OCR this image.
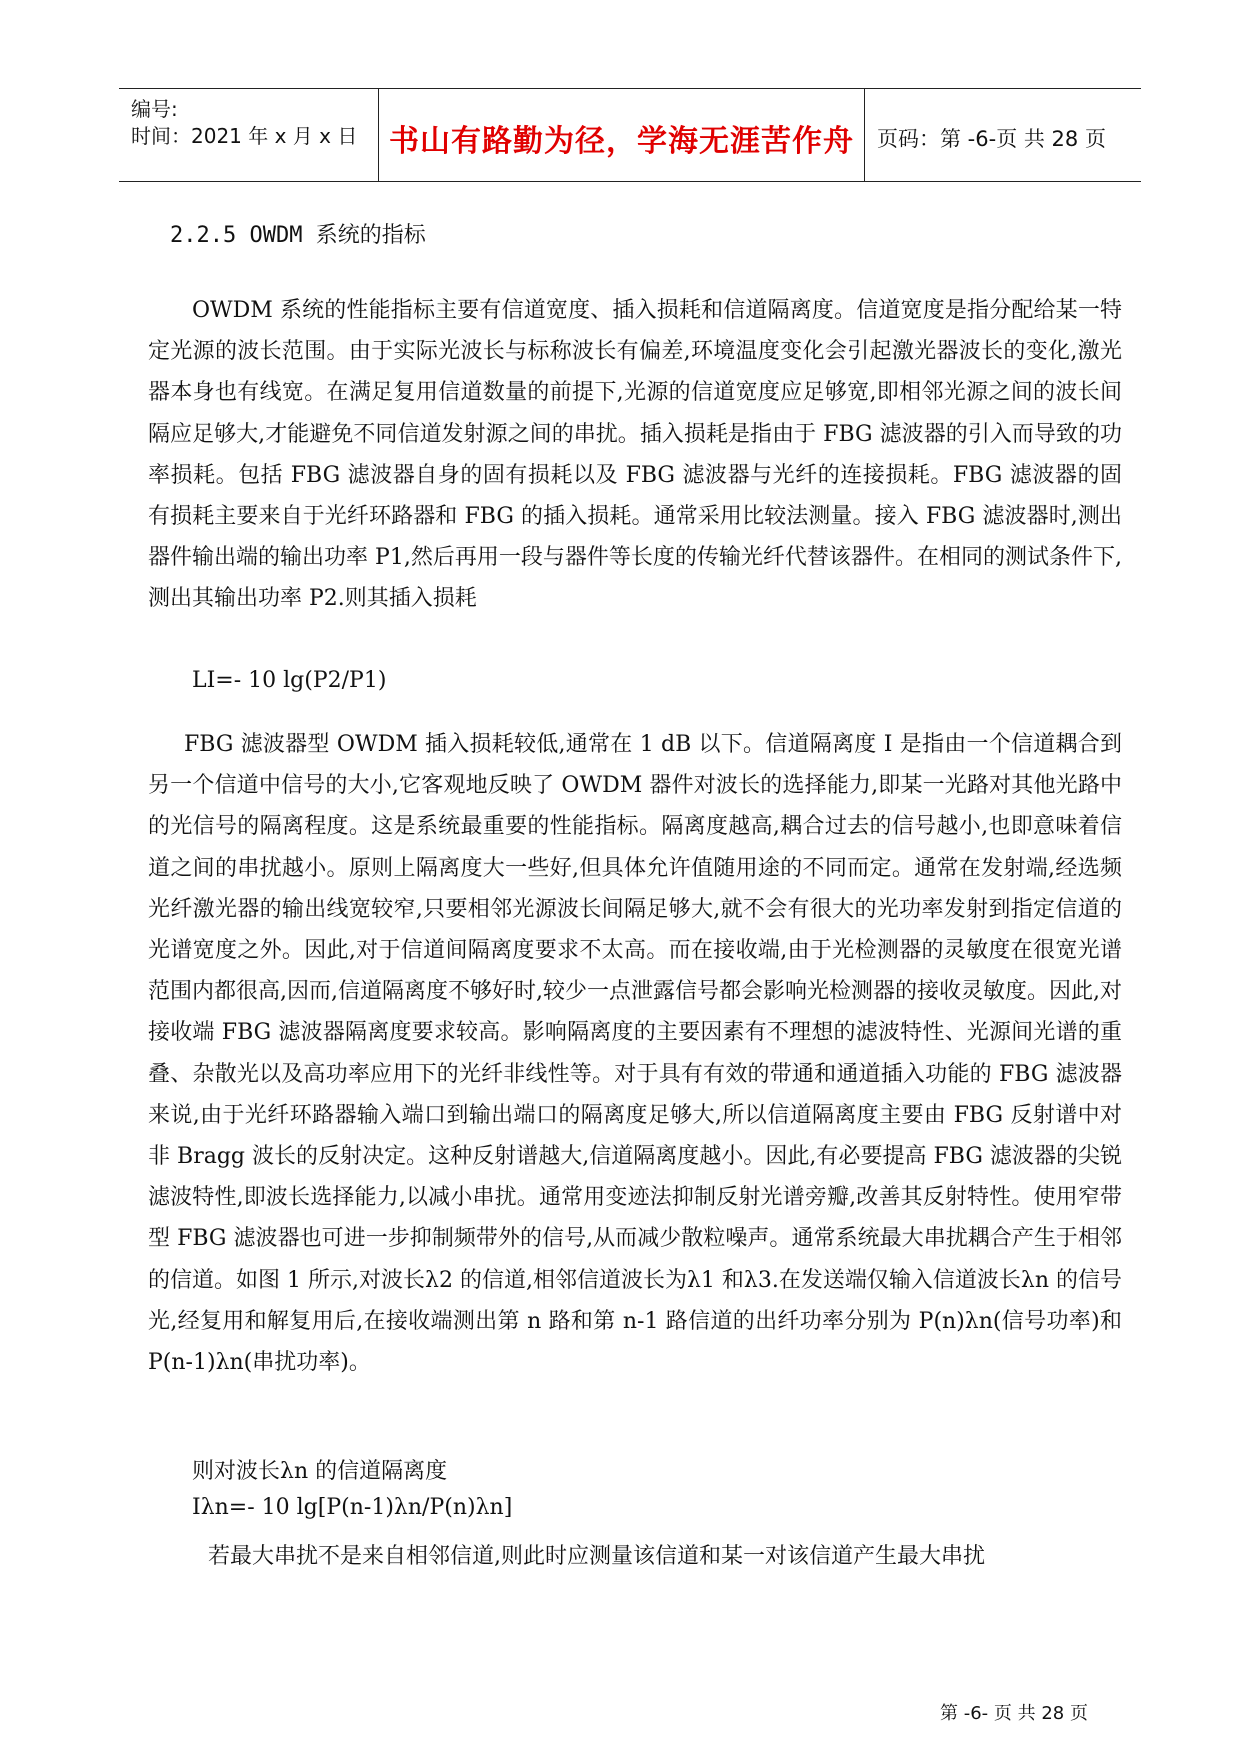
编号:
时间：2021 年 x 月 x 日	书山有路勤为径，学海无涯苦作舟	页码：第 -6-页 共 28 页
2.2.5 OWDM 系统的指标

OWDM 系统的性能指标主要有信道宽度、插入损耗和信道隔离度。信道宽度是指分配给某一特定光源的波长范围。由于实际光波长与标称波长有偏差,环境温度变化会引起激光器波长的变化,激光器本身也有线宽。在满足复用信道数量的前提下,光源的信道宽度应足够宽,即相邻光源之间的波长间隔应足够大,才能避免不同信道发射源之间的串扰。插入损耗是指由于 FBG 滤波器的引入而导致的功率损耗。包括 FBG 滤波器自身的固有损耗以及 FBG 滤波器与光纤的连接损耗。FBG 滤波器的固有损耗主要来自于光纤环路器和 FBG 的插入损耗。通常采用比较法测量。接入 FBG 滤波器时,测出器件输出端的输出功率 P1,然后再用一段与器件等长度的传输光纤代替该器件。在相同的测试条件下,测出其输出功率 P2.则其插入损耗

LI=- 10 lg(P2/P1)

FBG 滤波器型 OWDM 插入损耗较低,通常在 1 dB 以下。信道隔离度 I 是指由一个信道耦合到另一个信道中信号的大小,它客观地反映了 OWDM 器件对波长的选择能力,即某一光路对其他光路中的光信号的隔离程度。这是系统最重要的性能指标。隔离度越高,耦合过去的信号越小,也即意味着信道之间的串扰越小。原则上隔离度大一些好,但具体允许值随用途的不同而定。通常在发射端,经选频光纤激光器的输出线宽较窄,只要相邻光源波长间隔足够大,就不会有很大的光功率发射到指定信道的光谱宽度之外。因此,对于信道间隔离度要求不太高。而在接收端,由于光检测器的灵敏度在很宽光谱范围内都很高,因而,信道隔离度不够好时,较少一点泄露信号都会影响光检测器的接收灵敏度。因此,对接收端 FBG 滤波器隔离度要求较高。影响隔离度的主要因素有不理想的滤波特性、光源间光谱的重叠、杂散光以及高功率应用下的光纤非线性等。对于具有有效的带通和通道插入功能的 FBG 滤波器来说,由于光纤环路器输入端口到输出端口的隔离度足够大,所以信道隔离度主要由 FBG 反射谱中对非 Bragg 波长的反射决定。这种反射谱越大,信道隔离度越小。因此,有必要提高 FBG 滤波器的尖锐滤波特性,即波长选择能力,以减小串扰。通常用变迹法抑制反射光谱旁瓣,改善其反射特性。使用窄带型 FBG 滤波器也可进一步抑制频带外的信号,从而减少散粒噪声。通常系统最大串扰耦合产生于相邻的信道。如图 1 所示,对波长λ2 的信道,相邻信道波长为λ1 和λ3.在发送端仅输入信道波长λn 的信号光,经复用和解复用后,在接收端测出第 n 路和第 n-1 路信道的出纤功率分别为 P(n)λn(信号功率)和 P(n-1)λn(串扰功率)。

则对波长λn 的信道隔离度
Iλn=- 10 lg[P(n-1)λn/P(n)λn]
若最大串扰不是来自相邻信道,则此时应测量该信道和某一对该信道产生最大串扰
第 -6- 页 共 28 页
